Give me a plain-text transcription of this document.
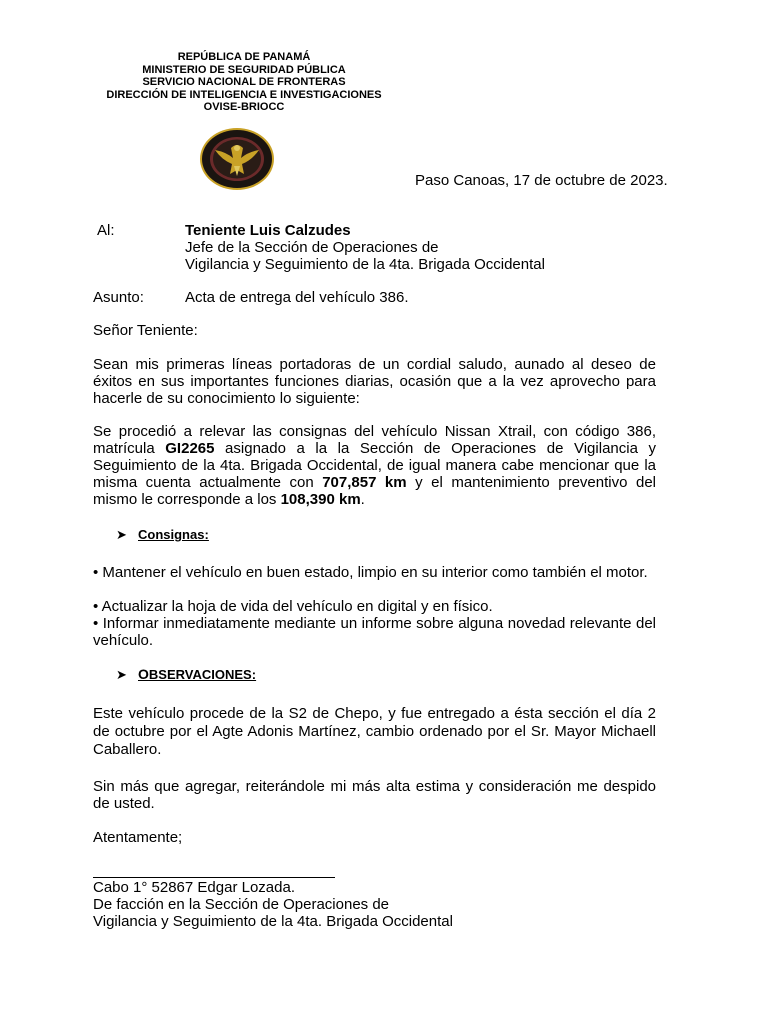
REPÚBLICA DE PANAMÁ
MINISTERIO DE SEGURIDAD PÚBLICA
SERVICIO NACIONAL DE FRONTERAS
DIRECCIÓN DE INTELIGENCIA E INVESTIGACIONES
OVISE-BRIOCC
Paso Canoas, 17 de octubre de 2023.
Al:	Teniente Luis Calzudes
Jefe de la Sección de Operaciones de
Vigilancia y Seguimiento de la 4ta. Brigada Occidental
Asunto:	Acta de entrega del vehículo 386.
Señor Teniente:
Sean mis primeras líneas portadoras de un cordial saludo, aunado al deseo de éxitos en sus importantes funciones diarias, ocasión que a la vez aprovecho para hacerle de su conocimiento lo siguiente:
Se procedió a relevar las consignas del vehículo Nissan Xtrail, con código 386, matrícula GI2265 asignado a la la Sección de Operaciones de Vigilancia y Seguimiento de la 4ta. Brigada Occidental, de igual manera cabe mencionar que la misma cuenta actualmente con 707,857 km y el mantenimiento preventivo del mismo le corresponde a los 108,390 km.
➤ Consignas:
• Mantener el vehículo en buen estado, limpio en su interior como también el motor.
• Actualizar la hoja de vida del vehículo en digital y en físico.
• Informar inmediatamente mediante un informe sobre alguna novedad relevante del vehículo.
➤ OBSERVACIONES:
Este vehículo procede de la S2 de Chepo, y fue entregado a ésta sección el día 2 de octubre por el Agte Adonis Martínez, cambio ordenado por el Sr. Mayor Michaell Caballero.
Sin más que agregar, reiterándole mi más alta estima y consideración me despido de usted.
Atentamente;
Cabo 1° 52867 Edgar Lozada.
De facción en la Sección de Operaciones de
Vigilancia y Seguimiento de la 4ta. Brigada Occidental
